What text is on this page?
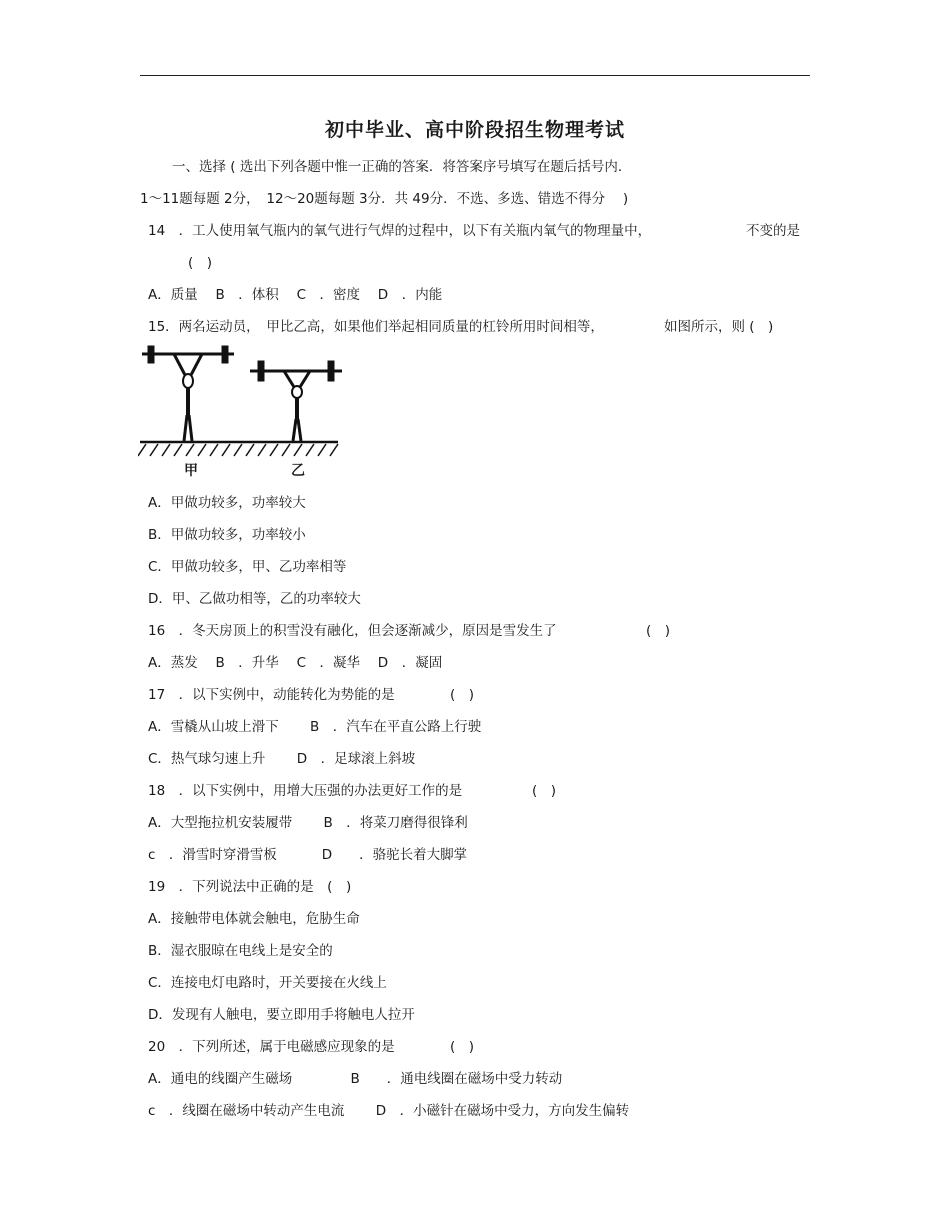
初中毕业、高中阶段招生物理考试
一、选择 ( 选出下列各题中惟一正确的答案．将答案序号填写在题后括号内．
1～11题每题 2分，　12～20题每题 3分．共 49分．不选、多选、错选不得分　 )
14　．工人使用氧气瓶内的氧气进行气焊的过程中，以下有关瓶内氧气的物理量中，	不变的是
(　)
A．质量　 B　．体积　 C　．密度　 D　．内能
15．两名运动员，　甲比乙高，如果他们举起相同质量的杠铃所用时间相等，	如图所示，则 (　)
甲	乙
A．甲做功较多，功率较大
B．甲做功较多，功率较小
C．甲做功较多，甲、乙功率相等
D．甲、乙做功相等，乙的功率较大
16　．冬天房顶上的积雪没有融化，但会逐渐减少，原因是雪发生了	(　)
A．蒸发　 B　．升华　 C　．凝华　 D　．凝固
17　．以下实例中，动能转化为势能的是	(　)
A．雪橇从山坡上滑下　　 B　．汽车在平直公路上行驶
C．热气球匀速上升　　 D　．足球滚上斜坡
18　．以下实例中，用增大压强的办法更好工作的是	(　)
A．大型拖拉机安装履带　　 B　．将菜刀磨得很锋利
c　．滑雪时穿滑雪板　　　 D　　．骆驼长着大脚掌
19　．下列说法中正确的是　(　)
A．接触带电体就会触电，危胁生命
B．湿衣服晾在电线上是安全的
C．连接电灯电路时，开关要接在火线上
D．发现有人触电，要立即用手将触电人拉开
20　．下列所述，属于电磁感应现象的是	(　)
A．通电的线圈产生磁场　　　　 B　　．通电线圈在磁场中受力转动
c　．线圈在磁场中转动产生电流　　 D　．小磁针在磁场中受力，方向发生偏转
